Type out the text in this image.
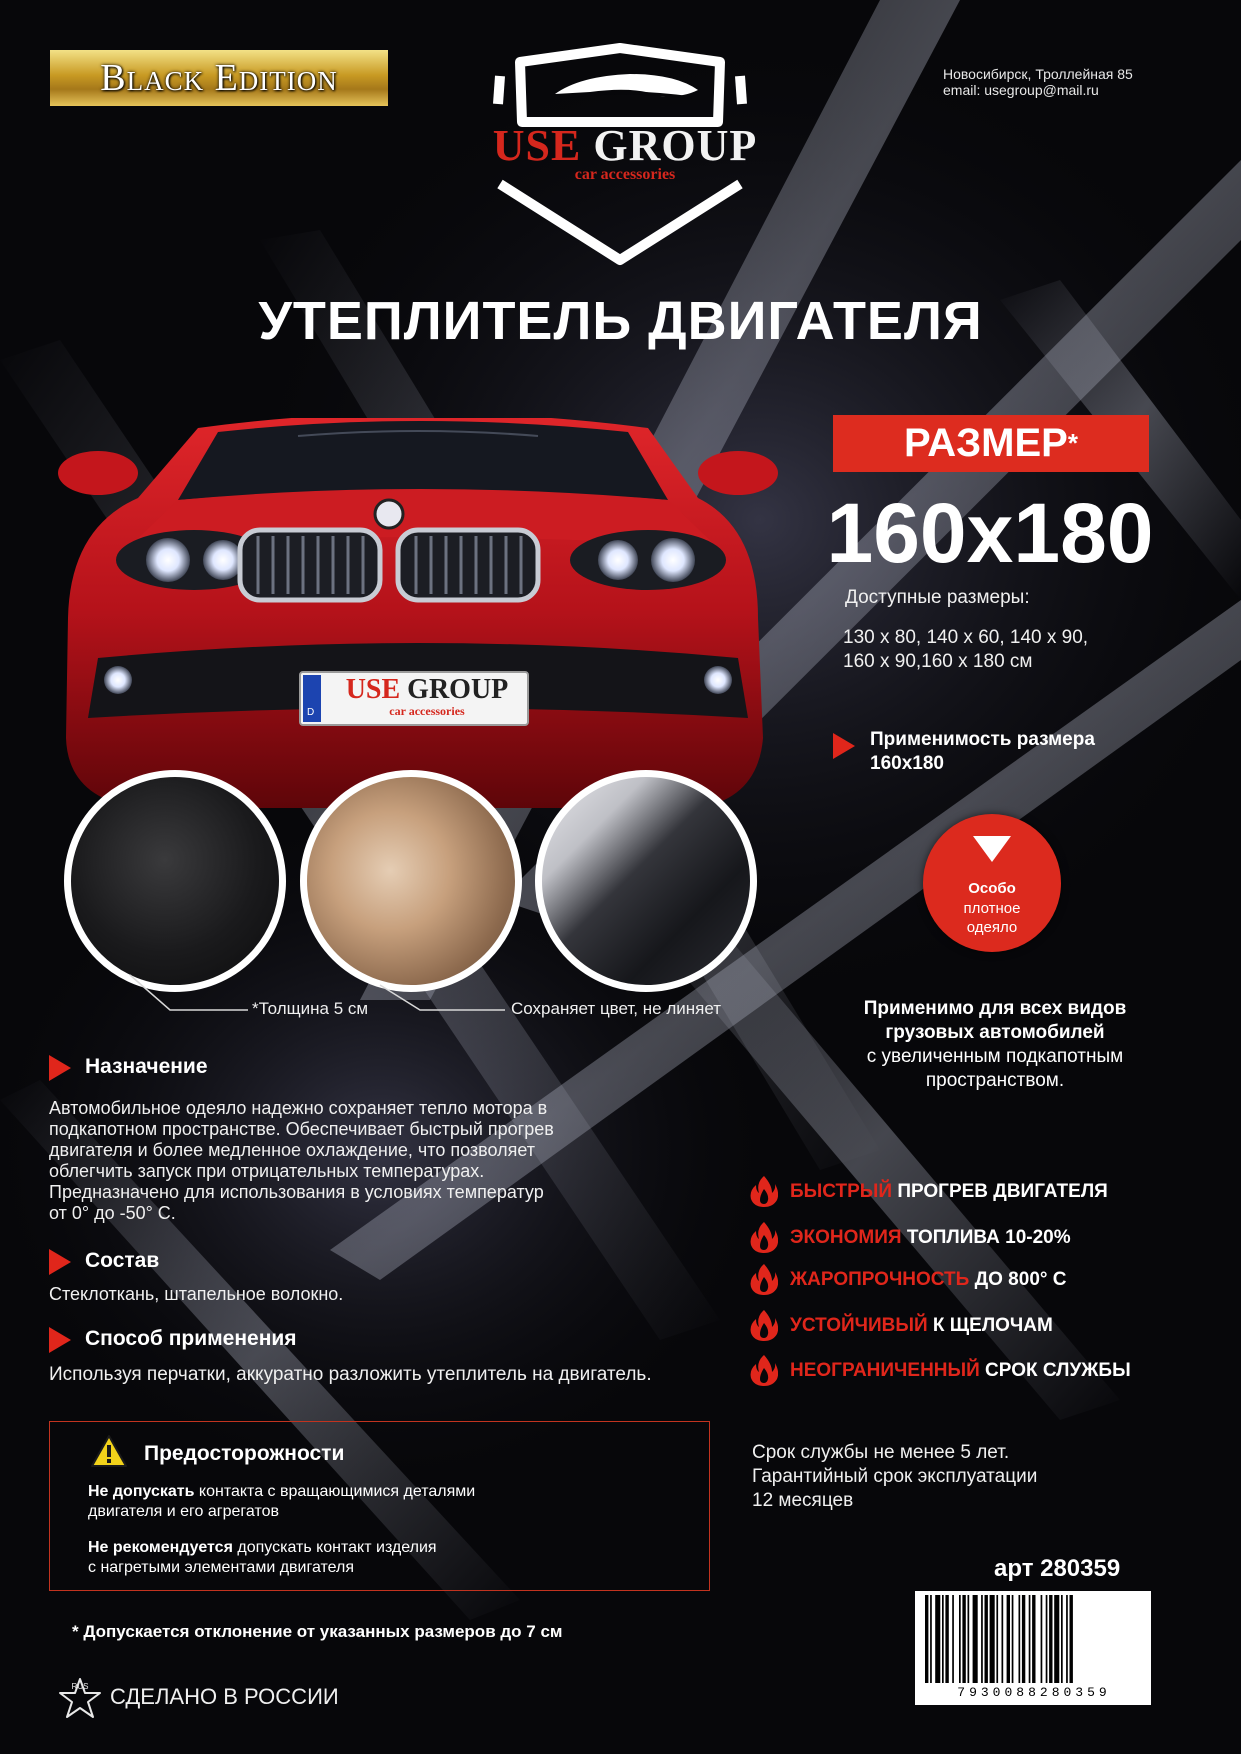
Black Edition	Новосибирск, Троллейная 85
email: usegroup@mail.ru
USE GROUP
car accessories
УТЕПЛИТЕЛЬ ДВИГАТЕЛЯ
РАЗМЕР *
160х180
Доступные размеры:
130 х 80, 140 х 60, 140 х 90,
160 х 90,160 х 180 см
Применимость размера
160х180
Особо
плотное
одеяло
Применимо для всех видов
грузовых автомобилей
с увеличенным подкапотным
пространством.
D
USE GROUP
car accessories
*Толщина 5 см	Сохраняет цвет, не линяет
Назначение
Автомобильное одеяло надежно сохраняет тепло мотора в
подкапотном пространстве. Обеспечивает быстрый прогрев
двигателя и более медленное охлаждение, что позволяет
облегчить запуск при отрицательных температурах.
Предназначено для использования в условиях температур
от 0° до -50° С.
Состав
Стеклоткань, штапельное волокно.
Способ применения
Используя перчатки, аккуратно разложить утеплитель на двигатель.
Предосторожности
Не допускать контакта с вращающимися деталями
двигателя и его агрегатов
Не рекомендуется допускать контакт изделия
с нагретыми элементами двигателя
* Допускается отклонение от указанных размеров до 7 см
RUS СДЕЛАНО В РОССИИ
БЫСТРЫЙ ПРОГРЕВ ДВИГАТЕЛЯ
ЭКОНОМИЯ ТОПЛИВА 10-20%
ЖАРОПРОЧНОСТЬ ДО 800° С
УСТОЙЧИВЫЙ К ЩЕЛОЧАМ
НЕОГРАНИЧЕННЫЙ СРОК СЛУЖБЫ
Срок службы не менее 5 лет.
Гарантийный срок эксплуатации
12 месяцев
арт 280359
7930088280359
